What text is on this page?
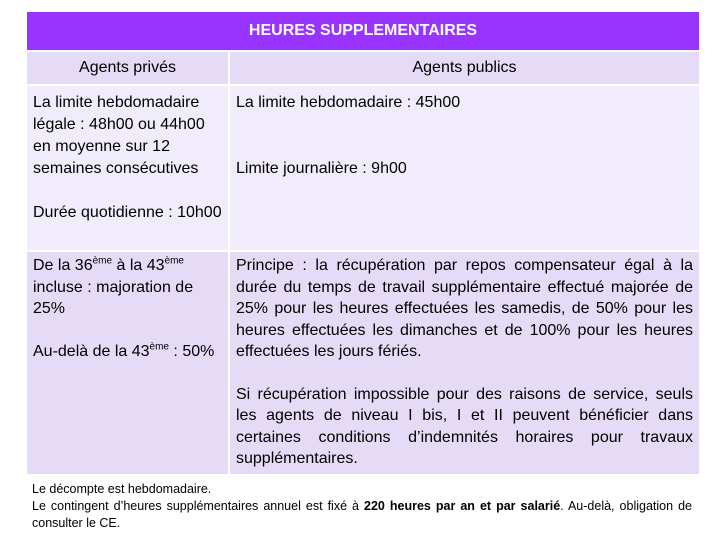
HEURES SUPPLEMENTAIRES
Agents privés	Agents publics

La limite hebdomadaire légale : 48h00 ou 44h00 en moyenne sur 12 semaines consécutives

Durée quotidienne : 10h00

La limite hebdomadaire : 45h00

Limite journalière : 9h00

De la 36ème à la 43ème incluse : majoration de 25%

Au-delà de la 43ème : 50%

Principe : la récupération par repos compensateur égal à la durée du temps de travail supplémentaire effectué majorée de 25% pour les heures effectuées les samedis, de 50% pour les heures effectuées les dimanches et de 100% pour les heures effectuées les jours fériés.

Si récupération impossible pour des raisons de service, seuls les agents de niveau I bis, I et II peuvent bénéficier dans certaines conditions d’indemnités horaires pour travaux supplémentaires.

Le décompte est hebdomadaire.
Le contingent d’heures supplémentaires annuel est fixé à 220 heures par an et par salarié. Au-delà, obligation de consulter le CE.
